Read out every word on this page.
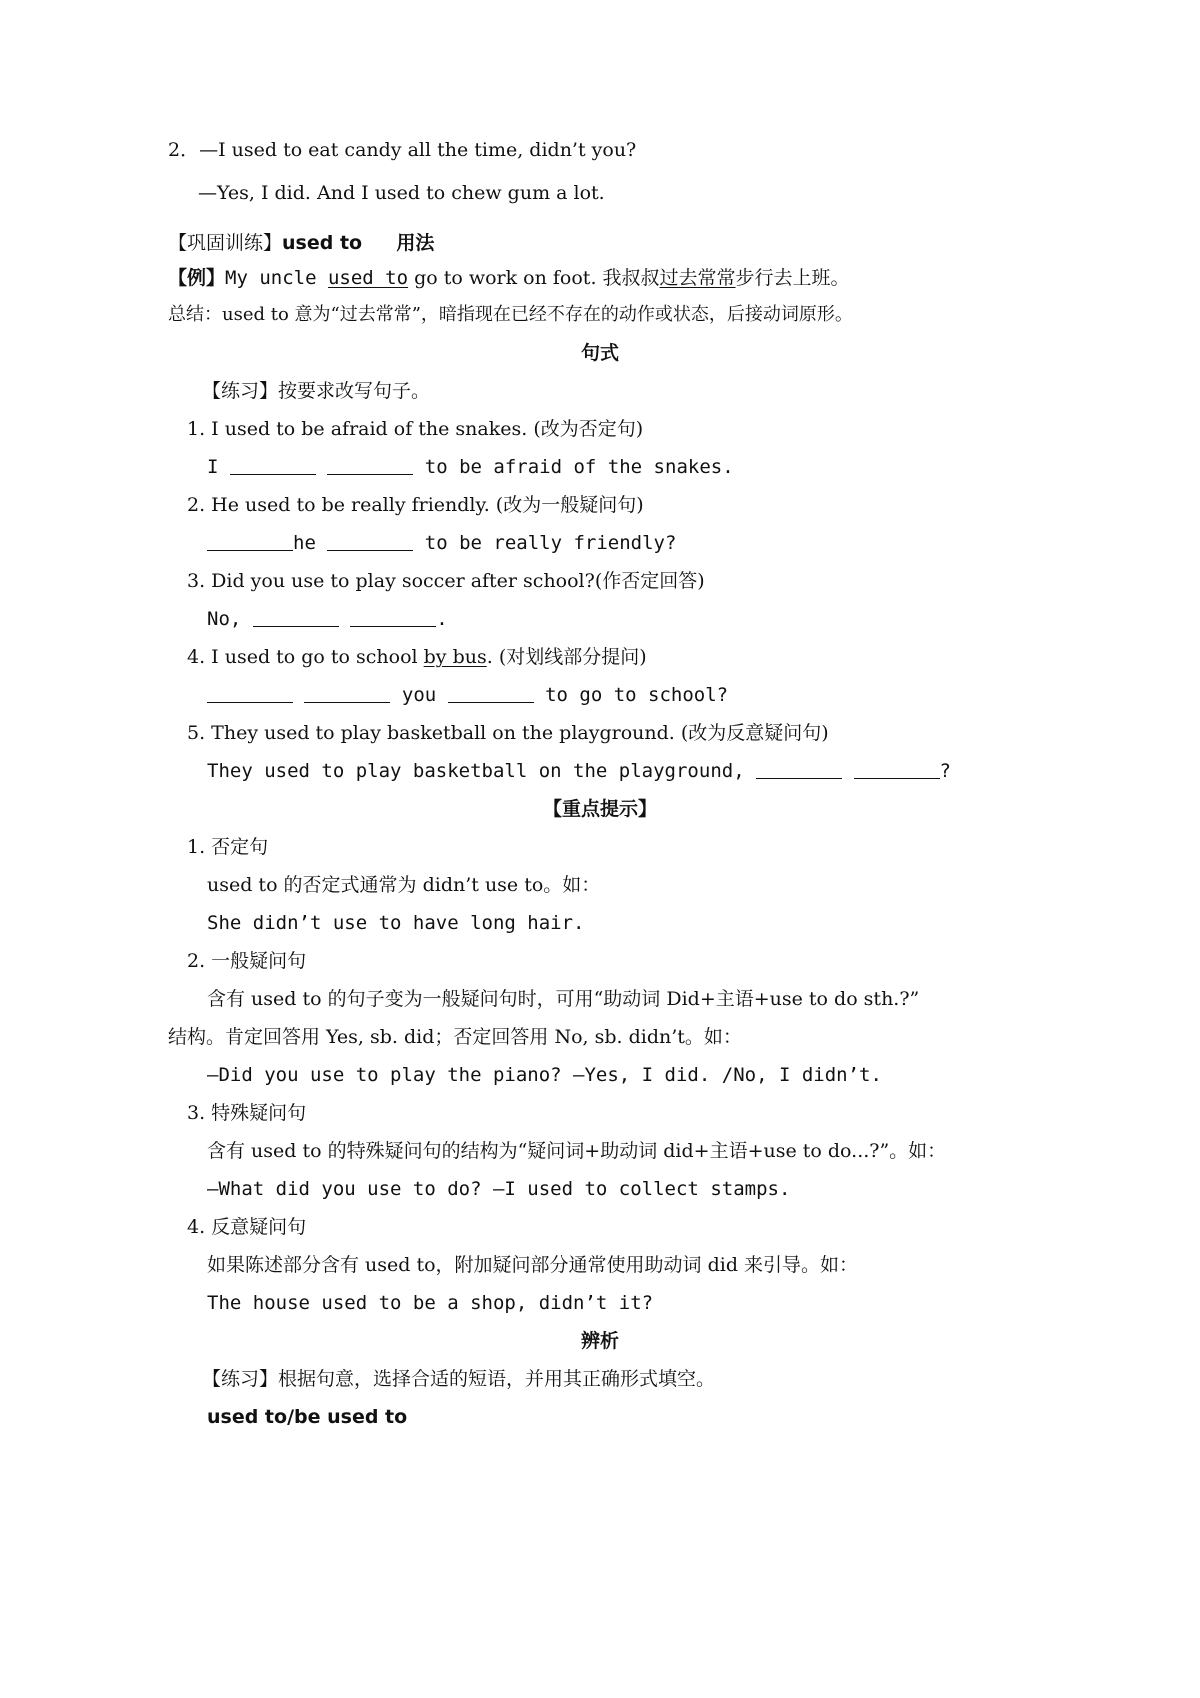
2．—I used to eat candy all the time, didn’t you?
—Yes, I did. And I used to chew gum a lot.
【巩固训练】used to 用法
【例】My uncle used to go to work on foot. 我叔叔过去常常步行去上班。
总结：used to 意为“过去常常”，暗指现在已经不存在的动作或状态，后接动词原形。
句式
【练习】按要求改写句子。
1. I used to be afraid of the snakes. (改为否定句)
I	to be afraid of the snakes.
2. He used to be really friendly. (改为一般疑问句)
he	to be really friendly?
3. Did you use to play soccer after school?(作否定回答)
No,	.
4. I used to go to school by bus. (对划线部分提问)
you	to go to school?
5. They used to play basketball on the playground. (改为反意疑问句)
They used to play basketball on the playground,	?
【重点提示】
1. 否定句
used to 的否定式通常为 didn’t use to。如：
She didn’t use to have long hair.
2. 一般疑问句
含有 used to 的句子变为一般疑问句时，可用“助动词 Did+主语+use to do sth.?”
结构。肯定回答用 Yes, sb. did；否定回答用 No, sb. didn’t。如：
—Did you use to play the piano? —Yes, I did. /No, I didn’t.
3. 特殊疑问句
含有 used to 的特殊疑问句的结构为“疑问词+助动词 did+主语+use to do...?”。如：
—What did you use to do? —I used to collect stamps.
4. 反意疑问句
如果陈述部分含有 used to，附加疑问部分通常使用助动词 did 来引导。如：
The house used to be a shop, didn’t it?
辨析
【练习】根据句意，选择合适的短语，并用其正确形式填空。
used to/be used to
